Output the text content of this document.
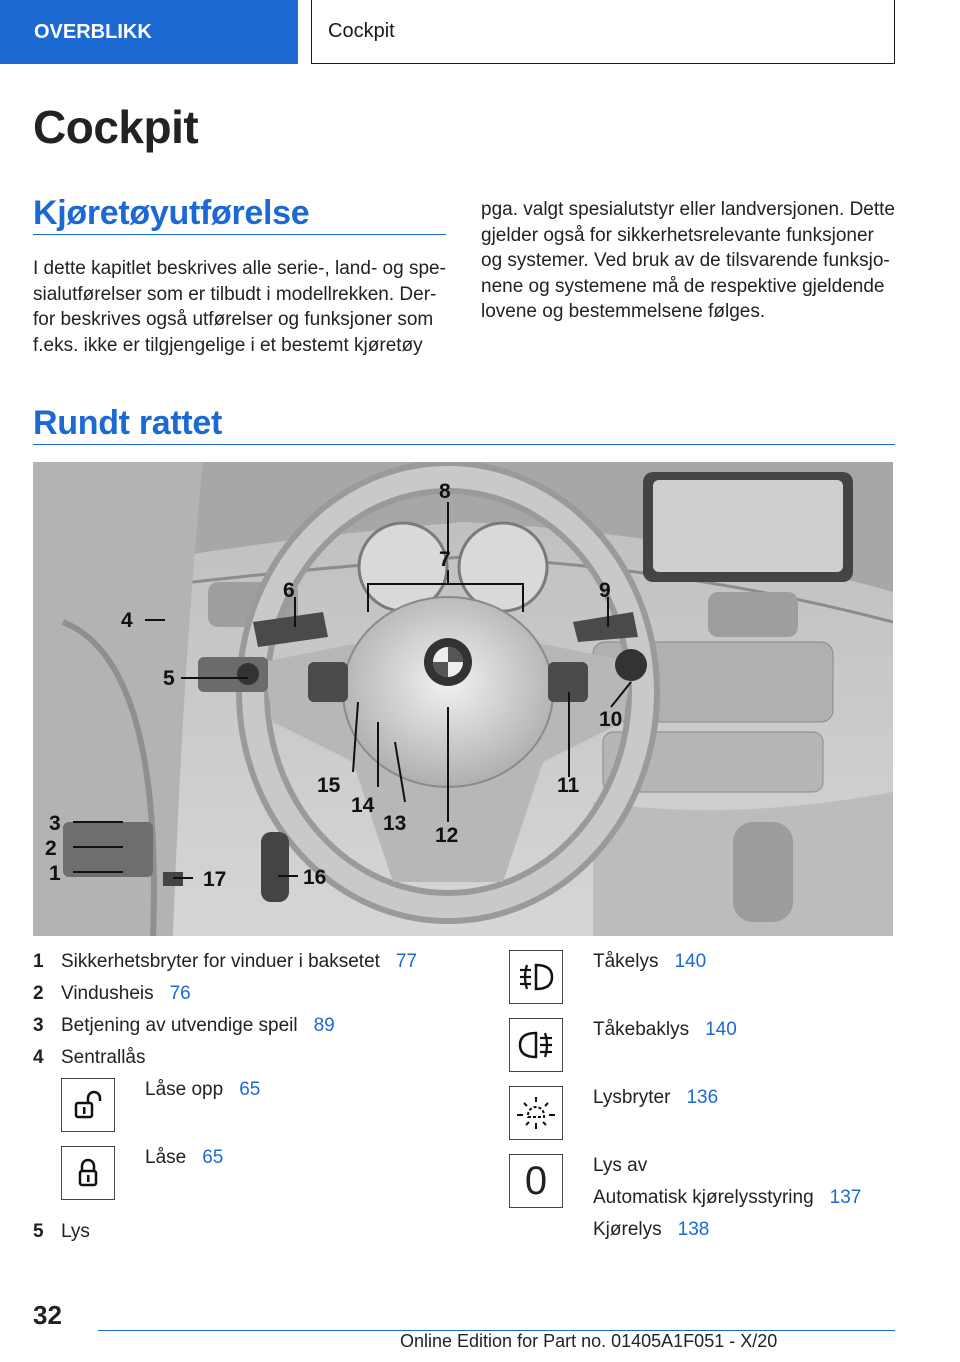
OVERBLIKK	Cockpit
Cockpit
Kjøretøyutførelse

I dette kapitlet beskrives alle serie-, land- og spe-
sialutførelser som er tilbudt i modellrekken. Der-
for beskrives også utførelser og funksjoner som
f.eks. ikke er tilgjengelige i et bestemt kjøretøy

pga. valgt spesialutstyr eller landversjonen. Dette
gjelder også for sikkerhetsrelevante funksjoner
og systemer. Ved bruk av de tilsvarende funksjo-
nene og systemene må de respektive gjeldende
lovene og bestemmelsene følges.

Rundt rattet
8
7
6	9
4
5
10
11
12
13
14
15
16
17
3
2
1
1 Sikkerhetsbryter for vinduer i baksetet 77
2 Vindusheis 76
3 Betjening av utvendige speil 89
4 Sentrallås
Låse opp 65
Låse 65
5 Lys
Tåkelys 140
Tåkebaklys 140
Lysbryter 136
0 Lys av
Automatisk kjørelysstyring 137
Kjørelys 138
32
Online Edition for Part no. 01405A1F051 - X/20
